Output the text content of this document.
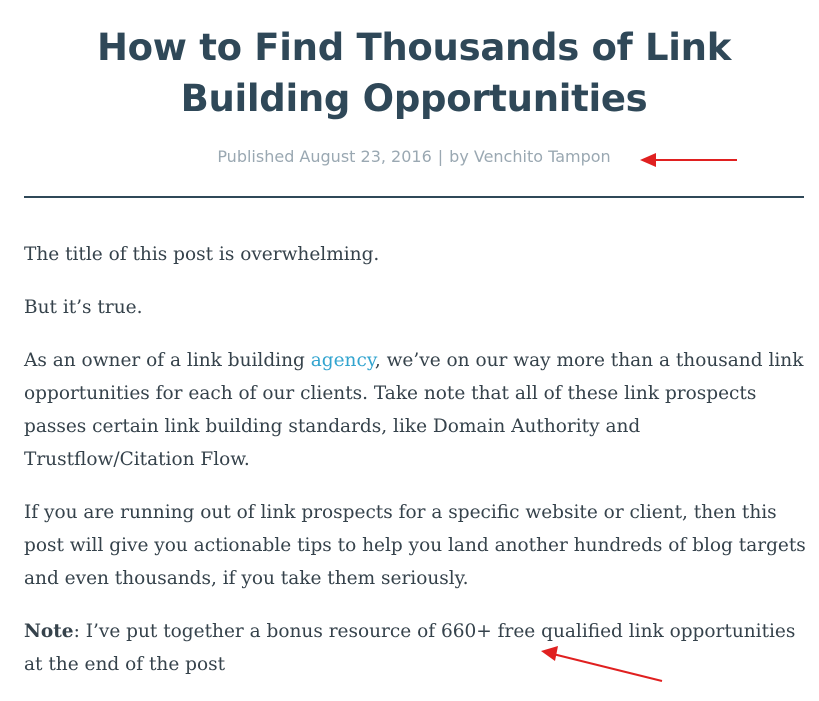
How to Find Thousands of Link Building Opportunities
Published August 23, 2016 | by Venchito Tampon

The title of this post is overwhelming.

But it’s true.

As an owner of a link building agency, we’ve on our way more than a thousand link opportunities for each of our clients. Take note that all of these link prospects passes certain link building standards, like Domain Authority and Trustflow/Citation Flow.

If you are running out of link prospects for a specific website or client, then this post will give you actionable tips to help you land another hundreds of blog targets and even thousands, if you take them seriously.

Note: I’ve put together a bonus resource of 660+ free qualified link opportunities at the end of the post
